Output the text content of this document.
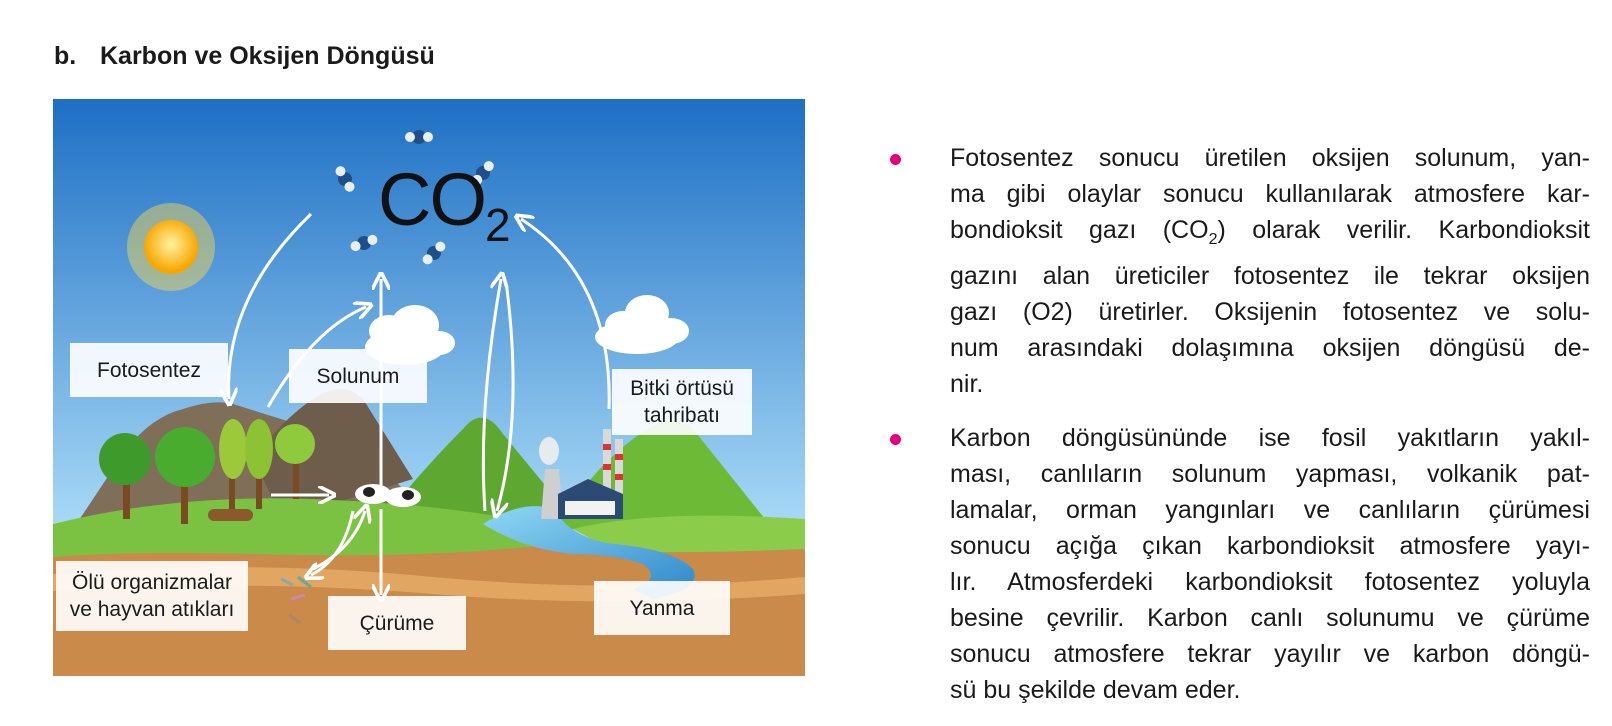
b. Karbon ve Oksijen Döngüsü
$CO_2$
Fotosentez	Solunum
Bitki örtüsü
tahribatı
Ölü organizmalar
ve hayvan atıkları
Çürüme
Yanma
Fotosentez sonucu üretilen oksijen solunum, yan-
ma gibi olaylar sonucu kullanılarak atmosfere kar-
bondioksit gazı $(CO_2)$ olarak verilir. Karbondioksit
gazını alan üreticiler fotosentez ile tekrar oksijen
gazı (O2) üretirler. Oksijenin fotosentez ve solu-
num arasındaki dolaşımına oksijen döngüsü de-
nir.
Karbon döngüsününde ise fosil yakıtların yakıl-
ması, canlıların solunum yapması, volkanik pat-
lamalar, orman yangınları ve canlıların çürümesi
sonucu açığa çıkan karbondioksit atmosfere yayı-
lır. Atmosferdeki karbondioksit fotosentez yoluyla
besine çevrilir. Karbon canlı solunumu ve çürüme
sonucu atmosfere tekrar yayılır ve karbon döngü-
sü bu şekilde devam eder.
